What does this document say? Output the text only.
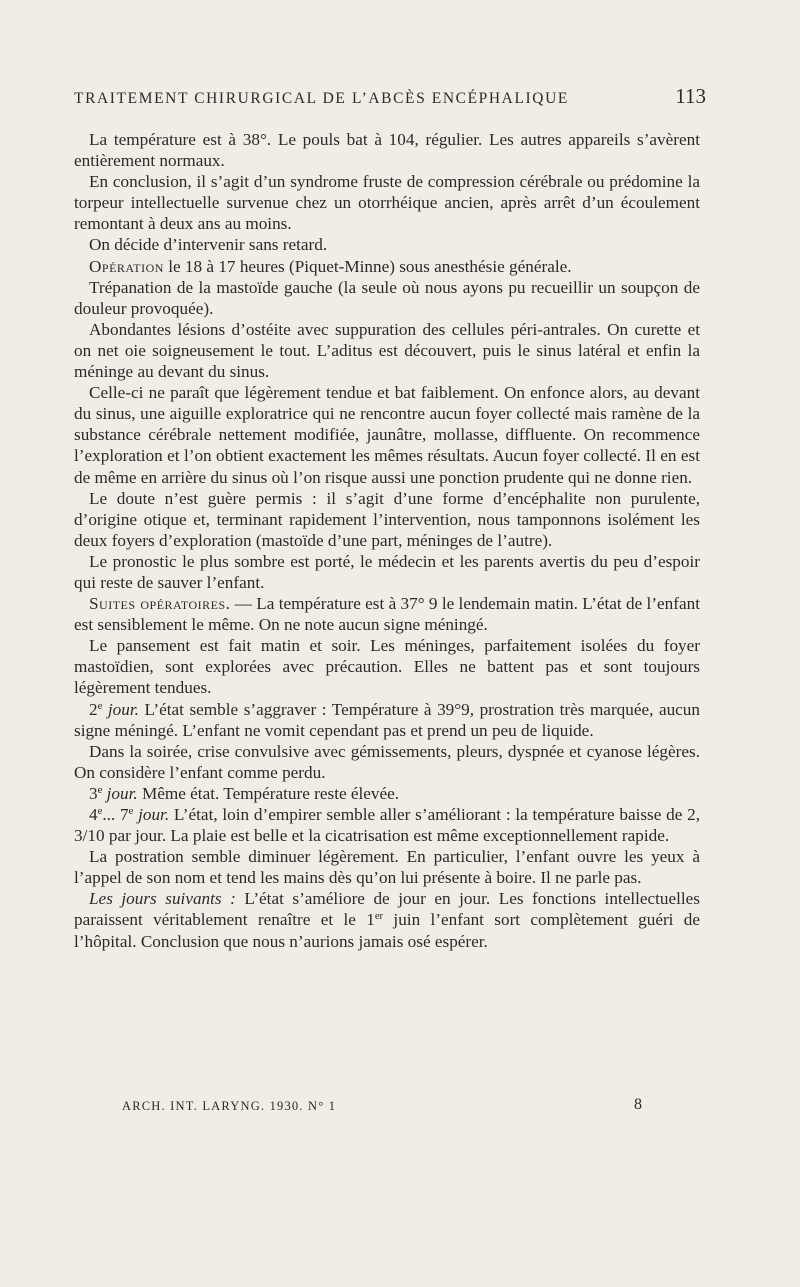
TRAITEMENT CHIRURGICAL DE L’ABCÈS ENCÉPHALIQUE	113

La température est à 38°. Le pouls bat à 104, régulier. Les autres appareils s’avèrent entièrement normaux.

En conclusion, il s’agit d’un syndrome fruste de compression cérébrale ou prédomine la torpeur intellectuelle survenue chez un otorrhéique ancien, après arrêt d’un écoulement remontant à deux ans au moins.

On décide d’intervenir sans retard.

Opération le 18 à 17 heures (Piquet-Minne) sous anesthésie générale.

Trépanation de la mastoïde gauche (la seule où nous ayons pu recueillir un soupçon de douleur provoquée).

Abondantes lésions d’ostéite avec suppuration des cellules péri-antrales. On curette et on net oie soigneusement le tout. L’aditus est découvert, puis le sinus latéral et enfin la méninge au devant du sinus.

Celle-ci ne paraît que légèrement tendue et bat faiblement. On enfonce alors, au devant du sinus, une aiguille exploratrice qui ne rencontre aucun foyer collecté mais ramène de la substance cérébrale nettement modifiée, jaunâtre, mollasse, diffluente. On recommence l’exploration et l’on obtient exactement les mêmes résultats. Aucun foyer collecté. Il en est de même en arrière du sinus où l’on risque aussi une ponction prudente qui ne donne rien.

Le doute n’est guère permis : il s’agit d’une forme d’encéphalite non purulente, d’origine otique et, terminant rapidement l’intervention, nous tamponnons isolément les deux foyers d’exploration (mastoïde d’une part, méninges de l’autre).

Le pronostic le plus sombre est porté, le médecin et les parents avertis du peu d’espoir qui reste de sauver l’enfant.

Suites opératoires. — La température est à 37° 9 le lendemain matin. L’état de l’enfant est sensiblement le même. On ne note aucun signe méningé.

Le pansement est fait matin et soir. Les méninges, parfaitement isolées du foyer mastoïdien, sont explorées avec précaution. Elles ne battent pas et sont toujours légèrement tendues.

2e jour. L’état semble s’aggraver : Température à 39°9, prostration très marquée, aucun signe méningé. L’enfant ne vomit cependant pas et prend un peu de liquide.

Dans la soirée, crise convulsive avec gémissements, pleurs, dyspnée et cyanose légères. On considère l’enfant comme perdu.

3e jour. Même état. Température reste élevée.

4e... 7e jour. L’état, loin d’empirer semble aller s’améliorant : la température baisse de 2, 3/10 par jour. La plaie est belle et la cicatrisation est même exceptionnellement rapide.

La postration semble diminuer légèrement. En particulier, l’enfant ouvre les yeux à l’appel de son nom et tend les mains dès qu’on lui présente à boire. Il ne parle pas.

Les jours suivants : L’état s’améliore de jour en jour. Les fonctions intellectuelles paraissent véritablement renaître et le 1er juin l’enfant sort complètement guéri de l’hôpital. Conclusion que nous n’aurions jamais osé espérer.

ARCH. INT. LARYNG. 1930. N° 1	8
